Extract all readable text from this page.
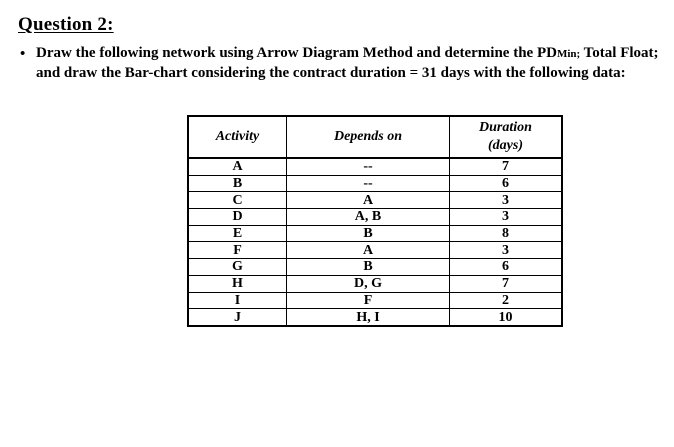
Question 2:
• Draw the following network using Arrow Diagram Method and determine the PDMin; Total Float; and draw the Bar-chart considering the contract duration = 31 days with the following data:
Activity	Depends on	Duration
(days)
A	--	7
B	--	6
C	A	3
D	A, B	3
E	B	8
F	A	3
G	B	6
H	D, G	7
I	F	2
J	H, I	10
